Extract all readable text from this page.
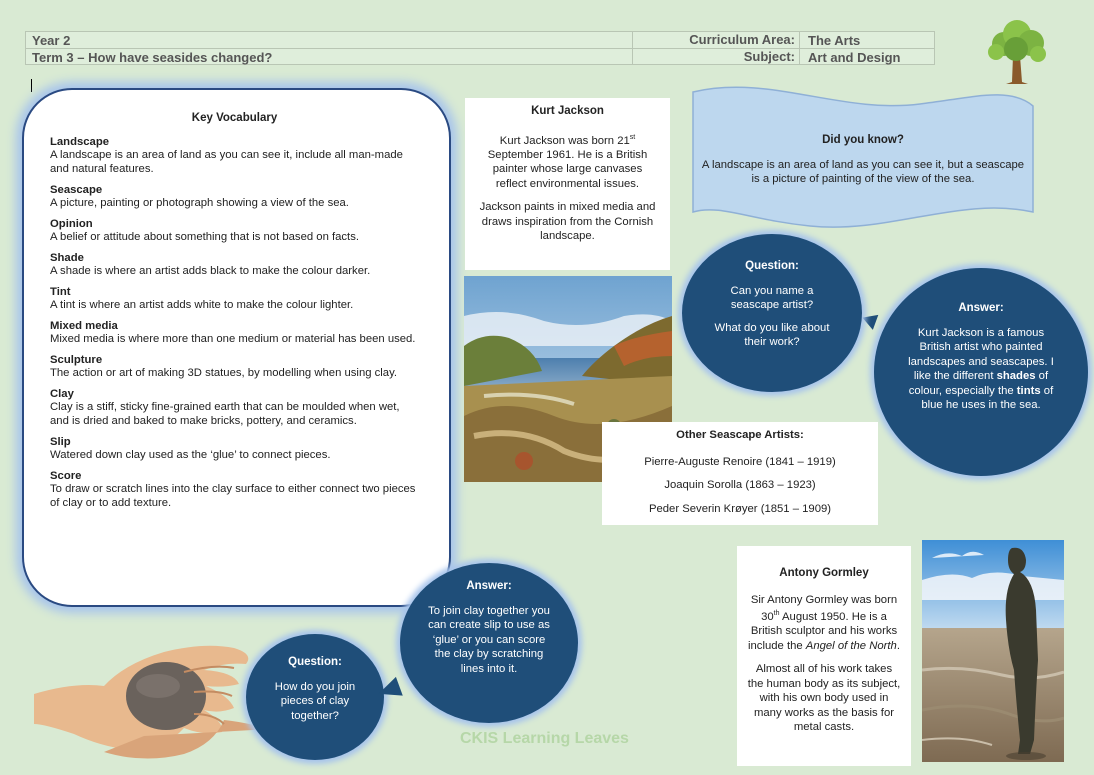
Year 2	Curriculum Area:	The Arts
Term 3 – How have seasides changed?	Subject:	Art and Design
Key Vocabulary
Landscape
A landscape is an area of land as you can see it, include all man-made and natural features.
Seascape
A picture, painting or photograph showing a view of the sea.
Opinion
A belief or attitude about something that is not based on facts.
Shade
A shade is where an artist adds black to make the colour darker.
Tint
A tint is where an artist adds white to make the colour lighter.
Mixed media
Mixed media is where more than one medium or material has been used.
Sculpture
The action or art of making 3D statues, by modelling when using clay.
Clay
Clay is a stiff, sticky fine-grained earth that can be moulded when wet, and is dried and baked to make bricks, pottery, and ceramics.
Slip
Watered down clay used as the ‘glue’ to connect pieces.
Score
To draw or scratch lines into the clay surface to either connect two pieces of clay or to add texture.
Kurt Jackson

Kurt Jackson was born 21st September 1961. He is a British painter whose large canvases reflect environmental issues.

Jackson paints in mixed media and draws inspiration from the Cornish landscape.

Did you know?

A landscape is an area of land as you can see it, but a seascape is a picture of painting of the view of the sea.

Question:

Can you name a seascape artist?

What do you like about their work?

Answer:

Kurt Jackson is a famous British artist who painted landscapes and seascapes. I like the different shades of colour, especially the tints of blue he uses in the sea.

Other Seascape Artists:

Pierre-Auguste Renoire (1841 – 1919)

Joaquin Sorolla (1863 – 1923)

Peder Severin Krøyer (1851 – 1909)

Question:

How do you join pieces of clay together?

Answer:

To join clay together you can create slip to use as ‘glue’ or you can score the clay by scratching lines into it.

Antony Gormley

Sir Antony Gormley was born 30th August 1950. He is a British sculptor and his works include the Angel of the North.

Almost all of his work takes the human body as its subject, with his own body used in many works as the basis for metal casts.

CKIS Learning Leaves
